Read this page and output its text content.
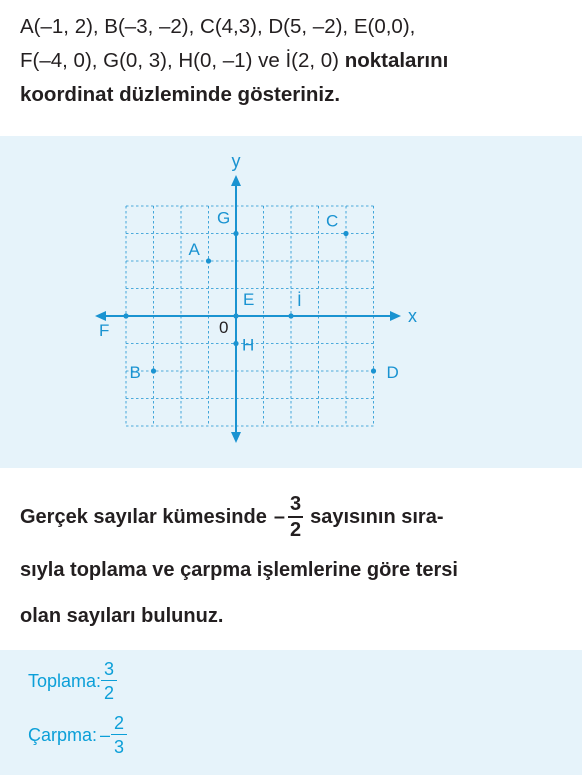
A(–1, 2), B(–3, –2), C(4,3), D(5, –2), E(0,0),
F(–4, 0), G(0, 3), H(0, –1) ve İ(2, 0) noktalarını
koordinat düzleminde gösteriniz.
x
y
0
A
B
C
D
E
F
G
H
İ
Gerçek sayılar kümesinde – $\frac{3}{2}$ sayısının sıra-
sıyla toplama ve çarpma işlemlerine göre tersi
olan sayıları bulunuz.
Toplama: $\frac{3}{2}$
Çarpma: – $\frac{2}{3}$
